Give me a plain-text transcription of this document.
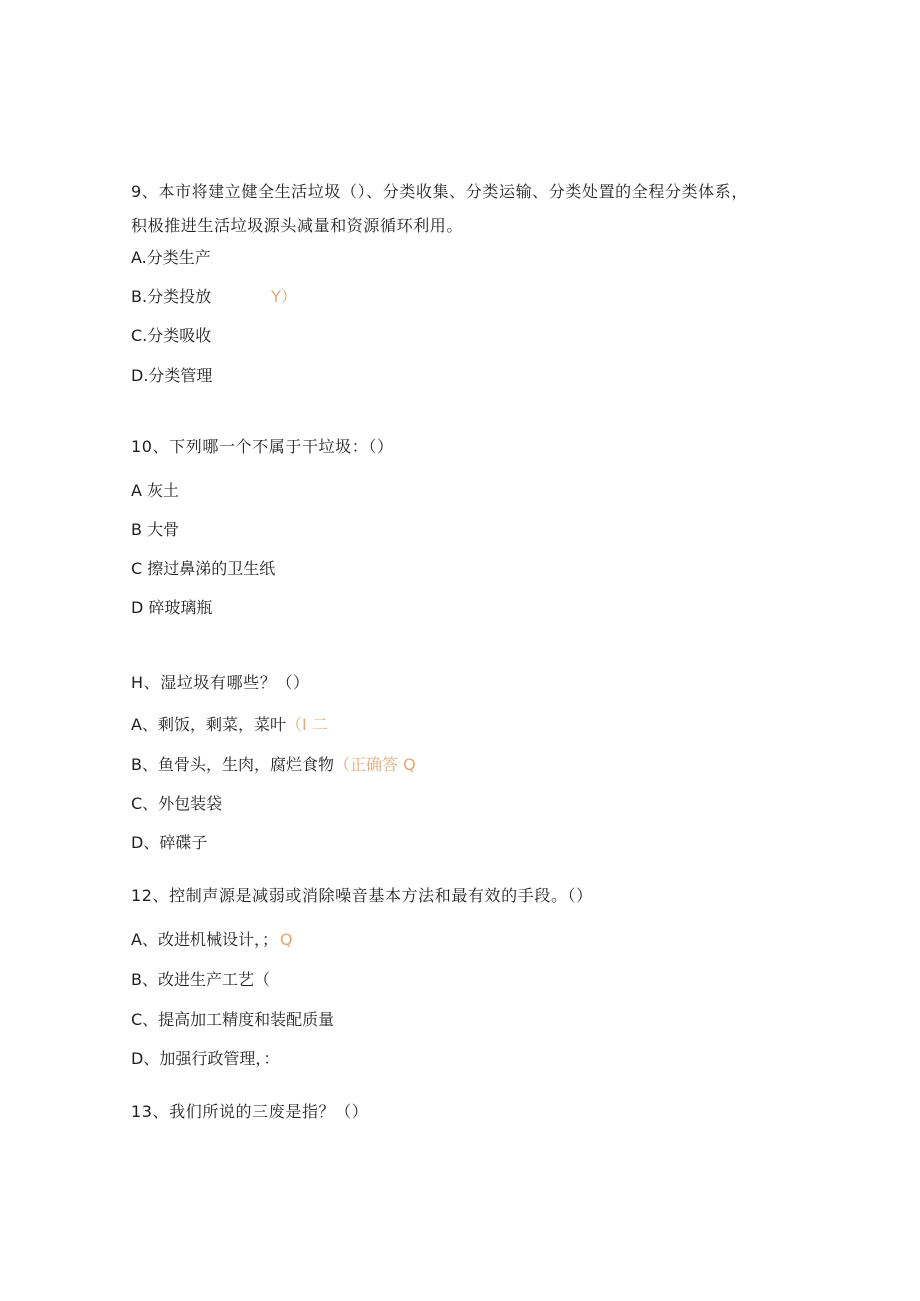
9、本市将建立健全生活垃圾（）、分类收集、分类运输、分类处置的全程分类体系，
积极推进生活垃圾源头减量和资源循环利用。
A.分类生产
B.分类投放	Y）
C.分类吸收
D.分类管理
10、下列哪一个不属于干垃圾：（）
A 灰土
B 大骨
C 擦过鼻涕的卫生纸
D 碎玻璃瓶
H、湿垃圾有哪些？（）
A、剩饭，剩菜，菜叶（I 二
B、鱼骨头，生肉，腐烂食物（正确答 Q
C、外包装袋
D、碎碟子
12、控制声源是减弱或消除噪音基本方法和最有效的手段。（）
A、改进机械设计，； Q
B、改进生产工艺（
C、提高加工精度和装配质量
D、加强行政管理，：
13、我们所说的三废是指？（）
